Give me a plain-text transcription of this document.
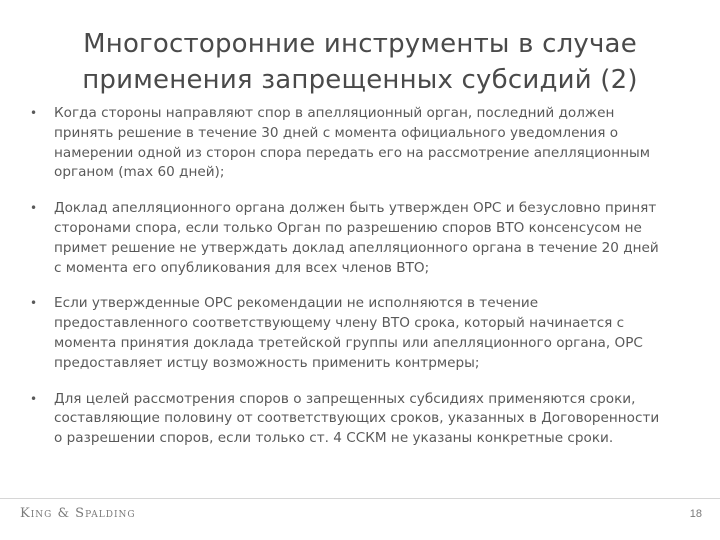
Многосторонние инструменты в случае
применения запрещенных субсидий (2)
•	Когда стороны направляют спор в апелляционный орган, последний должен принять решение в течение 30 дней с момента официального уведомления о намерении одной из сторон спора передать его на рассмотрение апелляционным органом (max 60 дней);
•	Доклад апелляционного органа должен быть утвержден ОРС и безусловно принят сторонами спора, если только Орган по разрешению споров ВТО консенсусом не примет решение не утверждать доклад апелляционного органа в течение 20 дней с момента его опубликования для всех членов ВТО;
•	Если утвержденные ОРС рекомендации не исполняются в течение предоставленного соответствующему члену ВТО срока, который начинается с момента принятия доклада третейской группы или апелляционного органа, ОРС предоставляет истцу возможность применить контрмеры;
•	Для целей рассмотрения споров о запрещенных субсидиях применяются сроки, составляющие половину от соответствующих сроков, указанных в Договоренности о разрешении споров, если только ст. 4 ССКМ не указаны конкретные сроки.
King & Spalding	18
